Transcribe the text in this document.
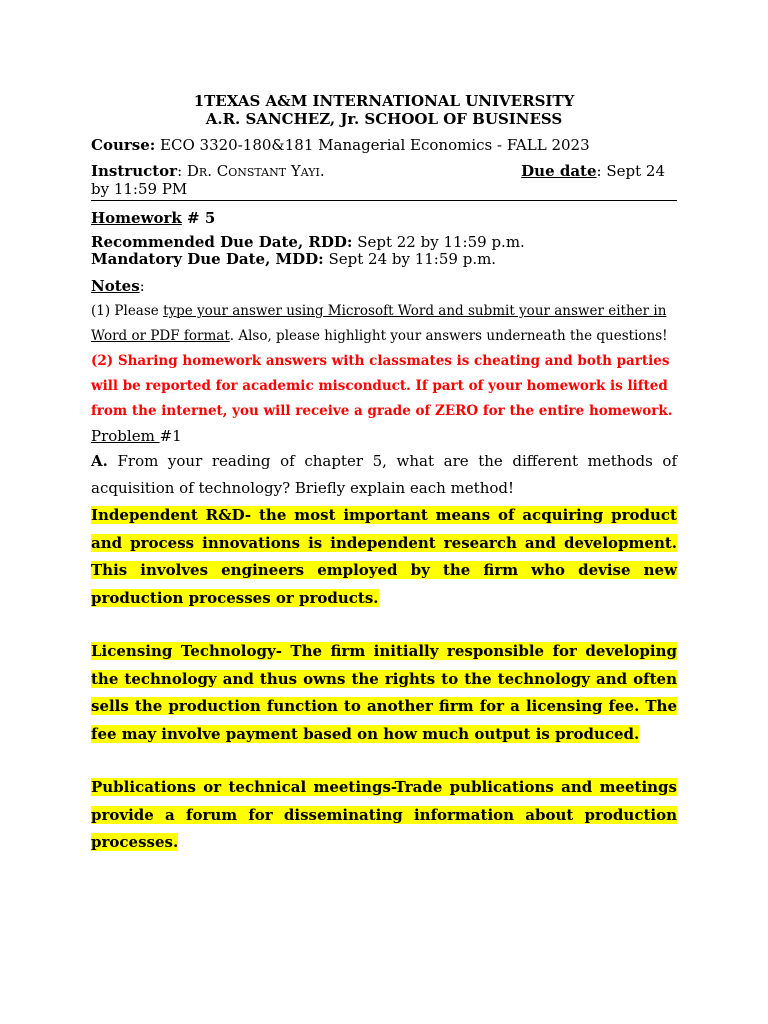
1TEXAS A&M INTERNATIONAL UNIVERSITY
A.R. SANCHEZ, Jr. SCHOOL OF BUSINESS
Course: ECO 3320-180&181 Managerial Economics - FALL 2023
Instructor: Dr. Constant Yayi.	Due date: Sept 24
by 11:59 PM
Homework # 5
Recommended Due Date, RDD: Sept 22 by 11:59 p.m.
Mandatory Due Date, MDD: Sept 24 by 11:59 p.m.
Notes:
(1) Please type your answer using Microsoft Word and submit your answer either in Word or PDF format. Also, please highlight your answers underneath the questions!
(2) Sharing homework answers with classmates is cheating and both parties will be reported for academic misconduct. If part of your homework is lifted from the internet, you will receive a grade of ZERO for the entire homework.
Problem #1
A. From your reading of chapter 5, what are the different methods of acquisition of technology? Briefly explain each method!
Independent R&D- the most important means of acquiring product and process innovations is independent research and development. This involves engineers employed by the firm who devise new production processes or products.
Licensing Technology- The firm initially responsible for developing the technology and thus owns the rights to the technology and often sells the production function to another firm for a licensing fee. The fee may involve payment based on how much output is produced.
Publications or technical meetings-Trade publications and meetings provide a forum for disseminating information about production processes.
